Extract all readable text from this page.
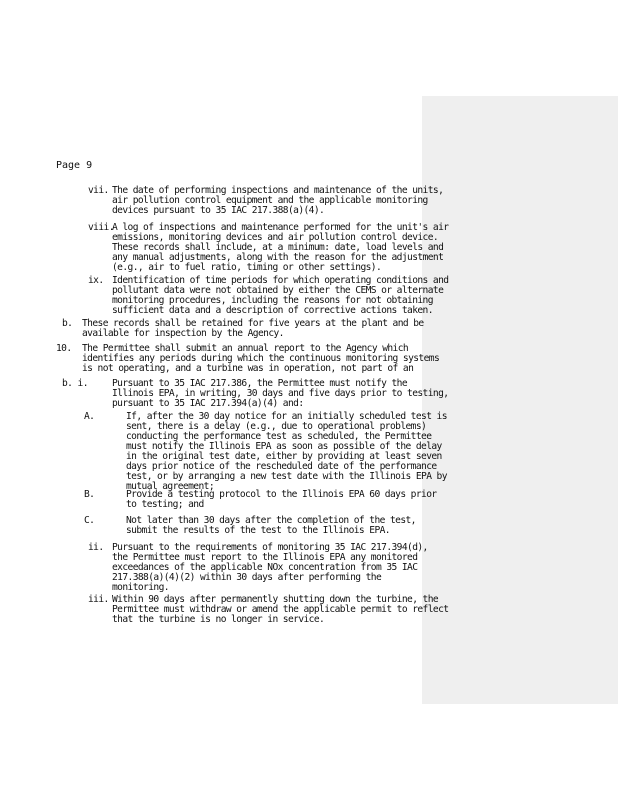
Page 9
vii. The date of performing inspections and maintenance of the units,
air pollution control equipment and the applicable monitoring
devices pursuant to 35 IAC 217.388(a)(4).
viii.
A log of inspections and maintenance performed for the unit's air
emissions, monitoring devices and air pollution control device.
These records shall include, at a minimum: date, load levels and
any manual adjustments, along with the reason for the adjustment
(e.g., air to fuel ratio, timing or other settings).
ix. Identification of time periods for which operating conditions and
pollutant data were not obtained by either the CEMS or alternate
monitoring procedures, including the reasons for not obtaining
sufficient data and a description of corrective actions taken.
b. These records shall be retained for five years at the plant and be
available for inspection by the Agency.
10. The Permittee shall submit an annual report to the Agency which
identifies any periods during which the continuous monitoring systems
is not operating, and a turbine was in operation, not part of an
b. i.	Pursuant to 35 IAC 217.386, the Permittee must notify the
Illinois EPA, in writing, 30 days and five days prior to testing,
pursuant to 35 IAC 217.394(a)(4) and:
A.	If, after the 30 day notice for an initially scheduled test is
sent, there is a delay (e.g., due to operational problems)
conducting the performance test as scheduled, the Permittee
must notify the Illinois EPA as soon as possible of the delay
in the original test date, either by providing at least seven
days prior notice of the rescheduled date of the performance
test, or by arranging a new test date with the Illinois EPA by
mutual agreement;
B.	Provide a testing protocol to the Illinois EPA 60 days prior
to testing; and
C.	Not later than 30 days after the completion of the test,
submit the results of the test to the Illinois EPA.
ii. Pursuant to the requirements of monitoring 35 IAC 217.394(d),
the Permittee must report to the Illinois EPA any monitored
exceedances of the applicable NOx concentration from 35 IAC
217.388(a)(4)(2) within 30 days after performing the
monitoring.
iii. Within 90 days after permanently shutting down the turbine, the
Permittee must withdraw or amend the applicable permit to reflect
that the turbine is no longer in service.
